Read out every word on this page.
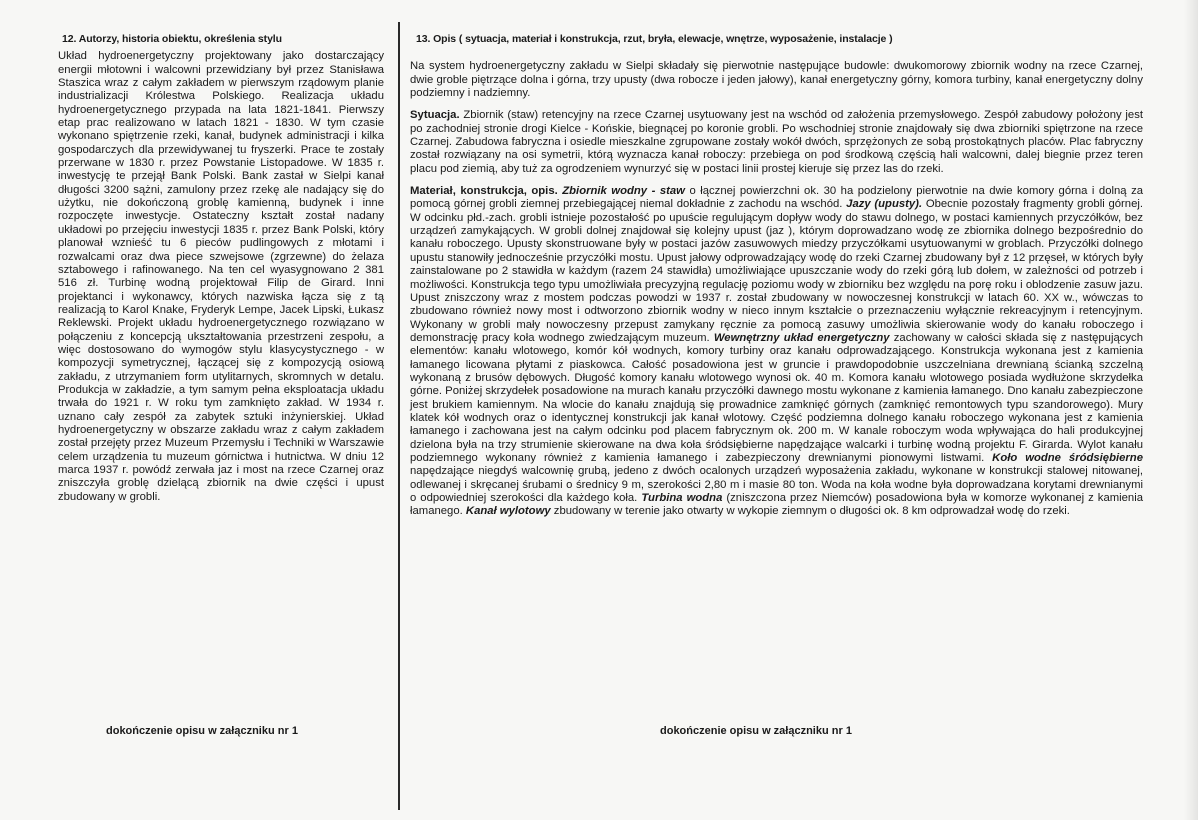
12. Autorzy, historia obiektu, określenia stylu

Układ hydroenergetyczny projektowany jako dostarczający energii młotowni i walcowni przewidziany był przez Stanisława Staszica wraz z całym zakładem w pierwszym rządowym planie industrializacji Królestwa Polskiego. Realizacja układu hydroenergetycznego przypada na lata 1821-1841. Pierwszy etap prac realizowano w latach 1821 - 1830. W tym czasie wykonano spiętrzenie rzeki, kanał, budynek administracji i kilka gospodarczych dla przewidywanej tu fryszerki. Prace te zostały przerwane w 1830 r. przez Powstanie Listopadowe. W 1835 r. inwestycję te przejął Bank Polski. Bank zastał w Sielpi kanał długości 3200 sążni, zamulony przez rzekę ale nadający się do użytku, nie dokończoną groblę kamienną, budynek i inne rozpoczęte inwestycje. Ostateczny kształt został nadany układowi po przejęciu inwestycji 1835 r. przez Bank Polski, który planował wznieść tu 6 pieców pudlingowych z młotami i rozwalcami oraz dwa piece szwejsowe (zgrzewne) do żelaza sztabowego i rafinowanego. Na ten cel wyasygnowano 2 381 516 zł. Turbinę wodną projektował Filip de Girard. Inni projektanci i wykonawcy, których nazwiska łącza się z tą realizacją to Karol Knake, Fryderyk Lempe, Jacek Lipski, Łukasz Reklewski. Projekt układu hydroenergetycznego rozwiązano w połączeniu z koncepcją ukształtowania przestrzeni zespołu, a więc dostosowano do wymogów stylu klasycystycznego - w kompozycji symetrycznej, łączącej się z kompozycją osiową zakładu, z utrzymaniem form utylitarnych, skromnych w detalu. Produkcja w zakładzie, a tym samym pełna eksploatacja układu trwała do 1921 r. W roku tym zamknięto zakład. W 1934 r. uznano cały zespół za zabytek sztuki inżynierskiej. Układ hydroenergetyczny w obszarze zakładu wraz z całym zakładem został przejęty przez Muzeum Przemysłu i Techniki w Warszawie celem urządzenia tu muzeum górnictwa i hutnictwa. W dniu 12 marca 1937 r. powódź zerwała jaz i most na rzece Czarnej oraz zniszczyła groblę dzielącą zbiornik na dwie części i upust zbudowany w grobli.

13. Opis ( sytuacja, materiał i konstrukcja, rzut, bryła, elewacje, wnętrze, wyposażenie, instalacje )

Na system hydroenergetyczny zakładu w Sielpi składały się pierwotnie następujące budowle: dwukomorowy zbiornik wodny na rzece Czarnej, dwie groble piętrzące dolna i górna, trzy upusty (dwa robocze i jeden jałowy), kanał energetyczny górny, komora turbiny, kanał energetyczny dolny podziemny i nadziemny.

Sytuacja. Zbiornik (staw) retencyjny na rzece Czarnej usytuowany jest na wschód od założenia przemysłowego. Zespół zabudowy położony jest po zachodniej stronie drogi Kielce - Końskie, biegnącej po koronie grobli. Po wschodniej stronie znajdowały się dwa zbiorniki spiętrzone na rzece Czarnej. Zabudowa fabryczna i osiedle mieszkalne zgrupowane zostały wokół dwóch, sprzężonych ze sobą prostokątnych placów. Plac fabryczny został rozwiązany na osi symetrii, którą wyznacza kanał roboczy: przebiega on pod środkową częścią hali walcowni, dalej biegnie przez teren placu pod ziemią, aby tuż za ogrodzeniem wynurzyć się w postaci linii prostej kieruje się przez las do rzeki.

Materiał, konstrukcja, opis. Zbiornik wodny - staw o łącznej powierzchni ok. 30 ha podzielony pierwotnie na dwie komory górna i dolną za pomocą górnej grobli ziemnej przebiegającej niemal dokładnie z zachodu na wschód. Jazy (upusty). Obecnie pozostały fragmenty grobli górnej. W odcinku płd.-zach. grobli istnieje pozostałość po upuście regulującym dopływ wody do stawu dolnego, w postaci kamiennych przyczółków, bez urządzeń zamykających. W grobli dolnej znajdował się kolejny upust (jaz ), którym doprowadzano wodę ze zbiornika dolnego bezpośrednio do kanału roboczego. Upusty skonstruowane były w postaci jazów zasuwowych miedzy przyczółkami usytuowanymi w groblach. Przyczółki dolnego upustu stanowiły jednocześnie przyczółki mostu. Upust jałowy odprowadzający wodę do rzeki Czarnej zbudowany był z 12 przęseł, w których były zainstalowane po 2 stawidła w każdym (razem 24 stawidła) umożliwiające upuszczanie wody do rzeki górą lub dołem, w zależności od potrzeb i możliwości. Konstrukcja tego typu umożliwiała precyzyjną regulację poziomu wody w zbiorniku bez względu na porę roku i oblodzenie zasuw jazu. Upust zniszczony wraz z mostem podczas powodzi w 1937 r. został zbudowany w nowoczesnej konstrukcji w latach 60. XX w., wówczas to zbudowano również nowy most i odtworzono zbiornik wodny w nieco innym kształcie o przeznaczeniu wyłącznie rekreacyjnym i retencyjnym. Wykonany w grobli mały nowoczesny przepust zamykany ręcznie za pomocą zasuwy umożliwia skierowanie wody do kanału roboczego i demonstrację pracy koła wodnego zwiedzającym muzeum. Wewnętrzny układ energetyczny zachowany w całości składa się z następujących elementów: kanału wlotowego, komór kół wodnych, komory turbiny oraz kanału odprowadzającego. Konstrukcja wykonana jest z kamienia łamanego licowana płytami z piaskowca. Całość posadowiona jest w gruncie i prawdopodobnie uszczelniana drewnianą ścianką szczelną wykonaną z brusów dębowych. Długość komory kanału wlotowego wynosi ok. 40 m. Komora kanału wlotowego posiada wydłużone skrzydełka górne. Poniżej skrzydełek posadowione na murach kanału przyczółki dawnego mostu wykonane z kamienia łamanego. Dno kanału zabezpieczone jest brukiem kamiennym. Na wlocie do kanału znajdują się prowadnice zamknięć górnych (zamknięć remontowych typu szandorowego). Mury klatek kół wodnych oraz o identycznej konstrukcji jak kanał wlotowy. Część podziemna dolnego kanału roboczego wykonana jest z kamienia łamanego i zachowana jest na całym odcinku pod placem fabrycznym ok. 200 m. W kanale roboczym woda wpływająca do hali produkcyjnej dzielona była na trzy strumienie skierowane na dwa koła śródsiębierne napędzające walcarki i turbinę wodną projektu F. Girarda. Wylot kanału podziemnego wykonany również z kamienia łamanego i zabezpieczony drewnianymi pionowymi listwami. Koło wodne śródsiębierne napędzające niegdyś walcownię grubą, jedeno z dwóch ocalonych urządzeń wyposażenia zakładu, wykonane w konstrukcji stalowej nitowanej, odlewanej i skręcanej śrubami o średnicy 9 m, szerokości 2,80 m i masie 80 ton. Woda na koła wodne była doprowadzana korytami drewnianymi o odpowiedniej szerokości dla każdego koła. Turbina wodna (zniszczona przez Niemców) posadowiona była w komorze wykonanej z kamienia łamanego. Kanał wylotowy zbudowany w terenie jako otwarty w wykopie ziemnym o długości ok. 8 km odprowadzał wodę do rzeki.

dokończenie opisu w załączniku nr 1	dokończenie opisu w załączniku nr 1
